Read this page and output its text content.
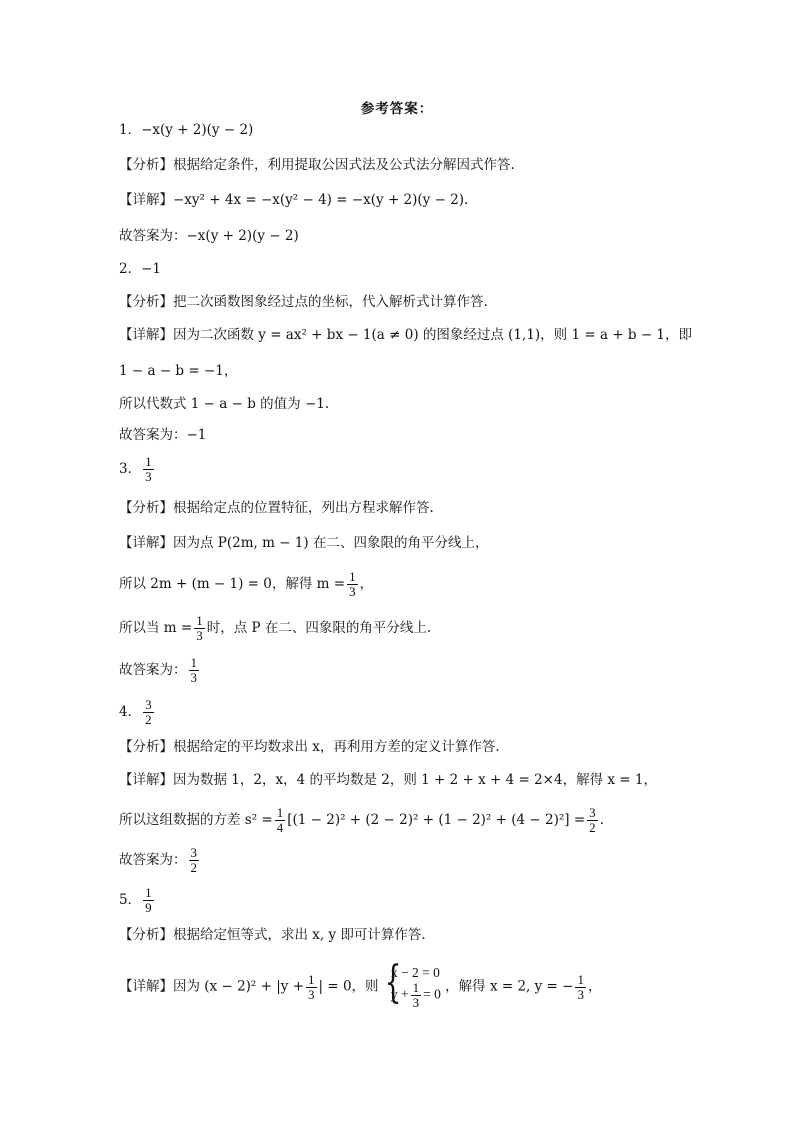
参考答案：
1．−x(y + 2)(y − 2)
【分析】根据给定条件，利用提取公因式法及公式法分解因式作答.
【详解】−xy² + 4x = −x(y² − 4) = −x(y + 2)(y − 2).
故答案为：−x(y + 2)(y − 2)
2．−1
【分析】把二次函数图象经过点的坐标，代入解析式计算作答.
【详解】因为二次函数 y = ax² + bx − 1(a ≠ 0) 的图象经过点 (1,1)，则 1 = a + b − 1，即
1 − a − b = −1，
所以代数式 1 − a − b 的值为 −1.
故答案为：−1
3． $\frac{1}{3}$
【分析】根据给定点的位置特征，列出方程求解作答.
【详解】因为点 P(2m, m − 1) 在二、四象限的角平分线上，
所以 2m + (m − 1) = 0，解得 $m = \frac{1}{3}$ ，
所以当 $m = \frac{1}{3}$ 时，点 P 在二、四象限的角平分线上.
故答案为： $\frac{1}{3}$
4． $\frac{3}{2}$
【分析】根据给定的平均数求出 x，再利用方差的定义计算作答.
【详解】因为数据 1，2，x，4 的平均数是 2，则 1 + 2 + x + 4 = 2×4，解得 x = 1，
所以这组数据的方差 $s^2 = \frac{1}{4} [(1 - 2)^2 + (2 - 2)^2 + (1 - 2)^2 + (4 - 2)^2] = \frac{3}{2}$ .
故答案为： $\frac{3}{2}$
5． $\frac{1}{9}$
【分析】根据给定恒等式，求出 x, y 即可计算作答.
【详解】因为 $(x - 2)^2 + |y + \frac{1}{3}$ | = 0，则
{ x − 2 = 0
$y + \frac{1}{3} = 0$ ，解得 x = 2, y = − $\frac{1}{3}$ ，
